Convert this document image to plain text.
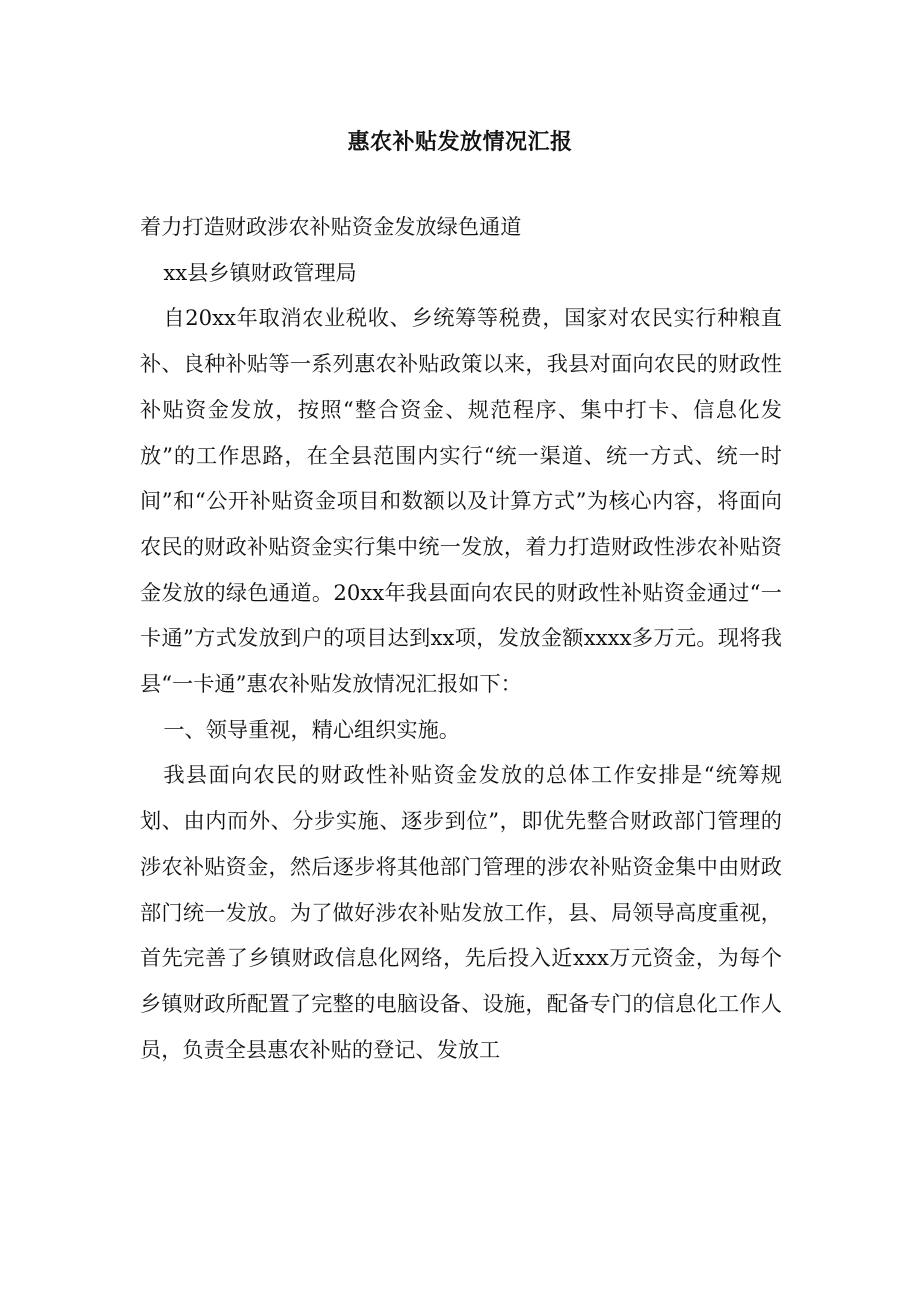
惠农补贴发放情况汇报

着力打造财政涉农补贴资金发放绿色通道

xx县乡镇财政管理局

自20xx年取消农业税收、乡统筹等税费，国家对农民实行种粮直补、良种补贴等一系列惠农补贴政策以来，我县对面向农民的财政性补贴资金发放，按照“整合资金、规范程序、集中打卡、信息化发放”的工作思路，在全县范围内实行“统一渠道、统一方式、统一时间”和“公开补贴资金项目和数额以及计算方式”为核心内容，将面向农民的财政补贴资金实行集中统一发放，着力打造财政性涉农补贴资金发放的绿色通道。20xx年我县面向农民的财政性补贴资金通过“一卡通”方式发放到户的项目达到xx项，发放金额xxxx多万元。现将我县“一卡通”惠农补贴发放情况汇报如下：

一、领导重视，精心组织实施。

我县面向农民的财政性补贴资金发放的总体工作安排是“统筹规划、由内而外、分步实施、逐步到位”，即优先整合财政部门管理的涉农补贴资金，然后逐步将其他部门管理的涉农补贴资金集中由财政部门统一发放。为了做好涉农补贴发放工作，县、局领导高度重视，首先完善了乡镇财政信息化网络，先后投入近xxx万元资金，为每个乡镇财政所配置了完整的电脑设备、设施，配备专门的信息化工作人员，负责全县惠农补贴的登记、发放工
